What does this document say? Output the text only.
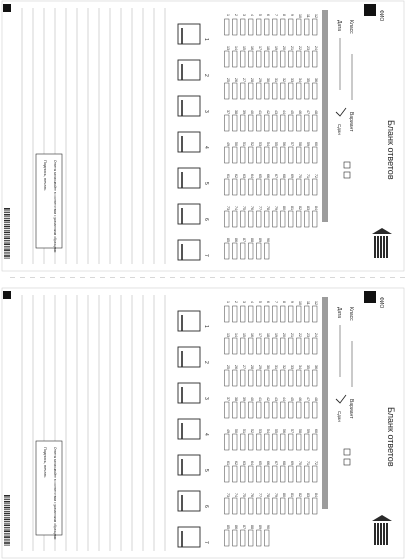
ФИО
Бланк ответов
Класс
Вариант
Дата
Сдан
1 2 3 4 5 6 7 8 9 10 11 12
13 14 15 16 17 18 19 20 21 22 23 24
25 26 27 28 29 30 31 32 33 34 35 36
37 38 39 40 41 42 43 44 45 46 47 48
49 50 51 52 53 54 55 56 57 58 59 60
61 62 63 64 65 66 67 68 69 70 71 72
73 74 75 76 77 78 79 80 81 82 83 84
85 86 87 88 89 90
1
2
3
4
5
6
7
Подпись, печать Ответы записывайте в соответствии с указанными образцами
ФИО
Бланк ответов
Класс
Вариант
Дата
Сдан
1 2 3 4 5 6 7 8 9 10 11 12
13 14 15 16 17 18 19 20 21 22 23 24
25 26 27 28 29 30 31 32 33 34 35 36
37 38 39 40 41 42 43 44 45 46 47 48
49 50 51 52 53 54 55 56 57 58 59 60
61 62 63 64 65 66 67 68 69 70 71 72
73 74 75 76 77 78 79 80 81 82 83 84
85 86 87 88 89 90
1
2
3
4
5
6
7
Подпись, печать Ответы записывайте в соответствии с указанными образцами
